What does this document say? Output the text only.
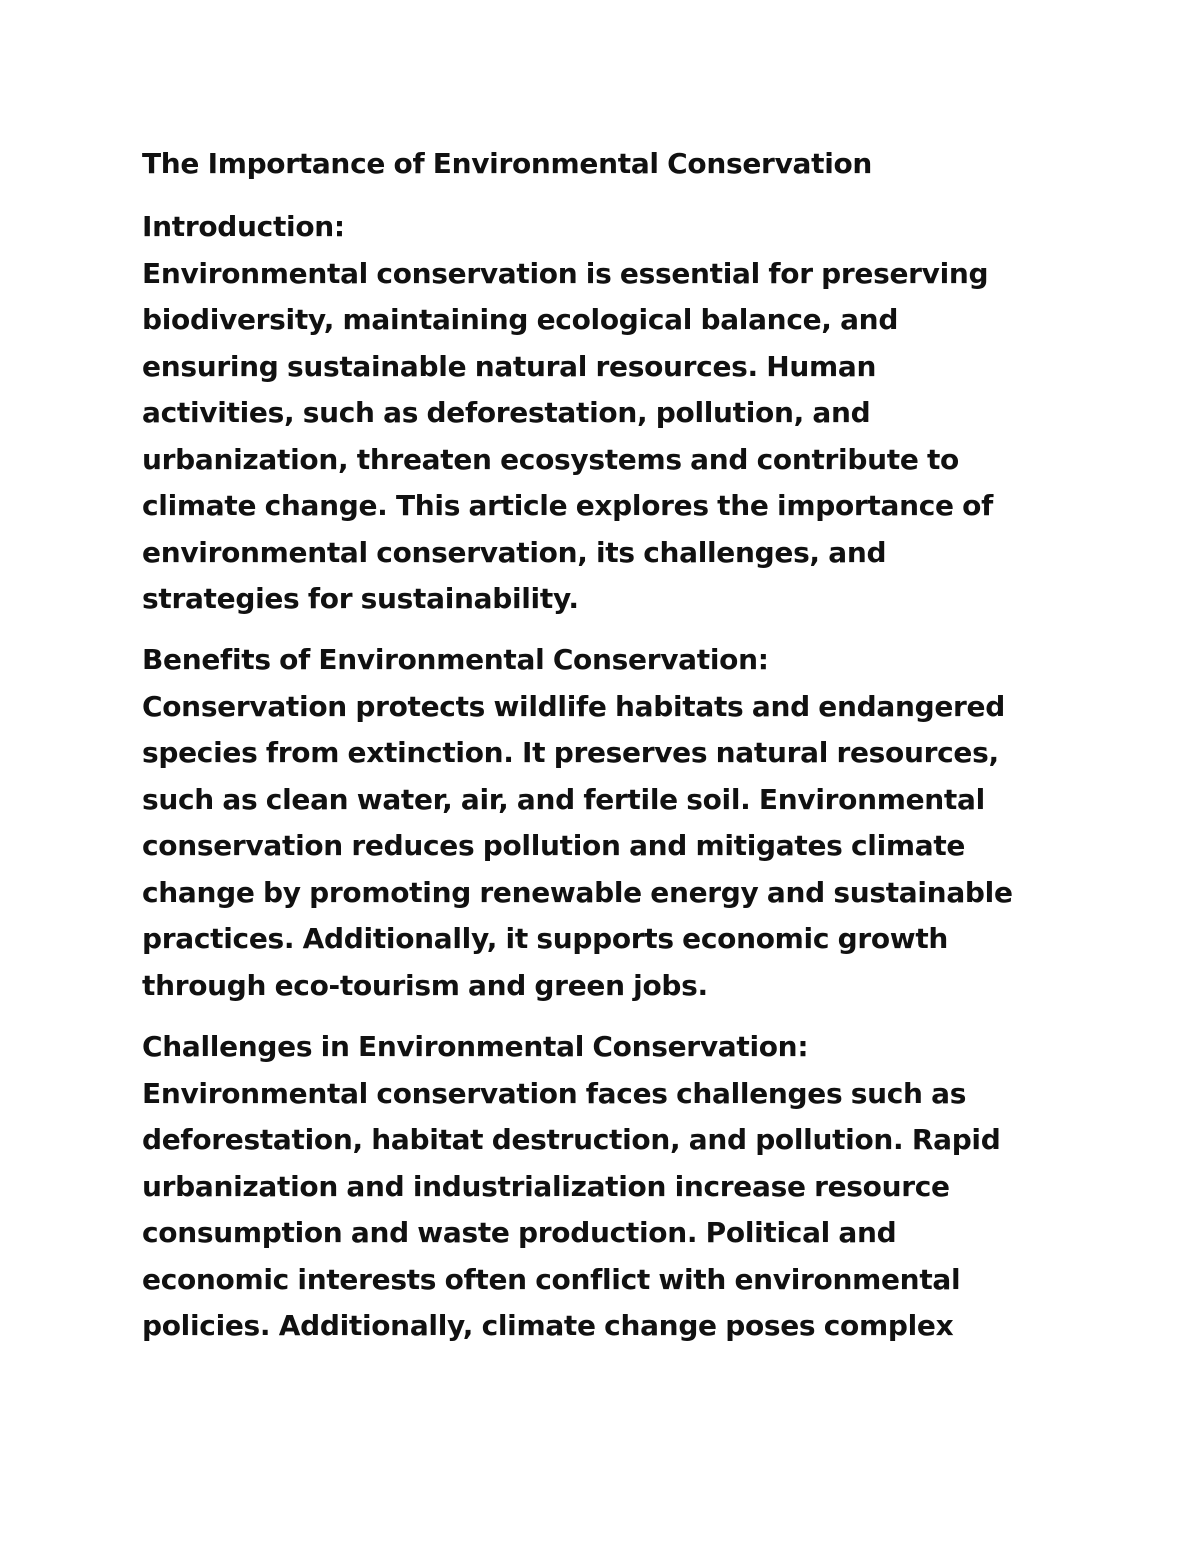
The Importance of Environmental Conservation

Introduction:

Environmental conservation is essential for preserving

biodiversity, maintaining ecological balance, and

ensuring sustainable natural resources. Human

activities, such as deforestation, pollution, and

urbanization, threaten ecosystems and contribute to

climate change. This article explores the importance of

environmental conservation, its challenges, and

strategies for sustainability.

Benefits of Environmental Conservation:

Conservation protects wildlife habitats and endangered

species from extinction. It preserves natural resources,

such as clean water, air, and fertile soil. Environmental

conservation reduces pollution and mitigates climate

change by promoting renewable energy and sustainable

practices. Additionally, it supports economic growth

through eco-tourism and green jobs.

Challenges in Environmental Conservation:

Environmental conservation faces challenges such as

deforestation, habitat destruction, and pollution. Rapid

urbanization and industrialization increase resource

consumption and waste production. Political and

economic interests often conflict with environmental

policies. Additionally, climate change poses complex
